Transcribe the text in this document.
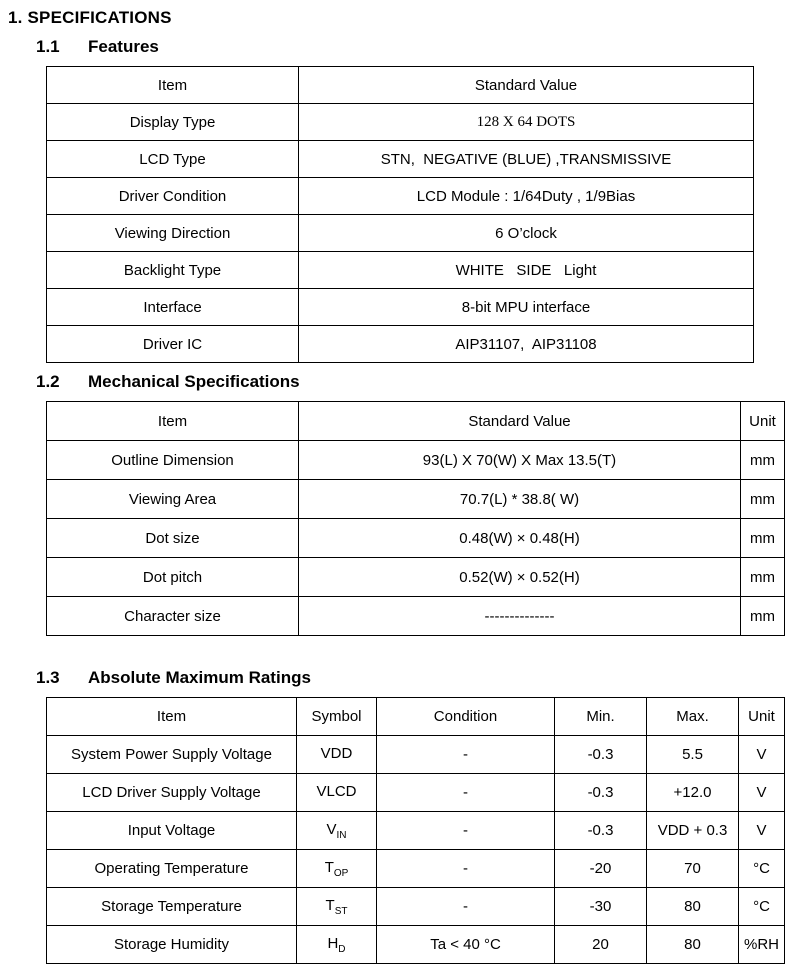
1. SPECIFICATIONS
1.1 Features
Item	Standard Value
Display Type	128 X 64 DOTS
LCD Type	STN,  NEGATIVE (BLUE) ,TRANSMISSIVE
Driver Condition	LCD Module : 1/64Duty , 1/9Bias
Viewing Direction	6 O’clock
Backlight Type	WHITE   SIDE   Light
Interface	8-bit MPU interface
Driver IC	AIP31107,  AIP31108
1.2 Mechanical Specifications
Item	Standard Value	Unit
Outline Dimension	93(L) X 70(W) X Max 13.5(T)	mm
Viewing Area	70.7(L) * 38.8( W)	mm
Dot size	0.48(W) × 0.48(H)	mm
Dot pitch	0.52(W) × 0.52(H)	mm
Character size	--------------	mm
1.3 Absolute Maximum Ratings
Item	Symbol	Condition	Min.	Max.	Unit
System Power Supply Voltage	VDD	-	-0.3	5.5	V
LCD Driver Supply Voltage	VLCD	-	-0.3	+12.0	V
Input Voltage	$V_{IN}$	-	-0.3	VDD + 0.3	V
Operating Temperature	$T_{OP}$	-	-20	70	°C
Storage Temperature	$T_{ST}$	-	-30	80	°C
Storage Humidity	$H_D$	Ta < 40 °C	20	80	%RH
